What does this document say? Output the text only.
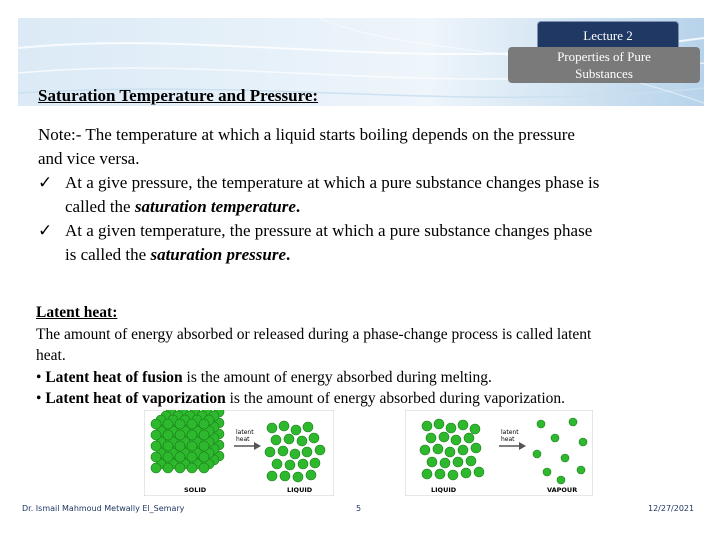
Lecture 2
Properties of Pure
Substances
Saturation Temperature and Pressure:

Note:- The temperature at which a liquid starts boiling depends on the pressure

and vice versa.

✓ At a give pressure, the temperature at which a pure substance changes phase is
called the saturation temperature.
✓ At a given temperature, the pressure at which a pure substance changes phase
is called the saturation pressure.

Latent heat:

The amount of energy absorbed or released during a phase-change process is called latent

heat.

• Latent heat of fusion is the amount of energy absorbed during melting.

• Latent heat of vaporization is the amount of energy absorbed during vaporization.

latent
heat
SOLID	LIQUID
latent
heat
LIQUID	VAPOUR
Dr. Ismail Mahmoud Metwally El_Semary	5	12/27/2021
